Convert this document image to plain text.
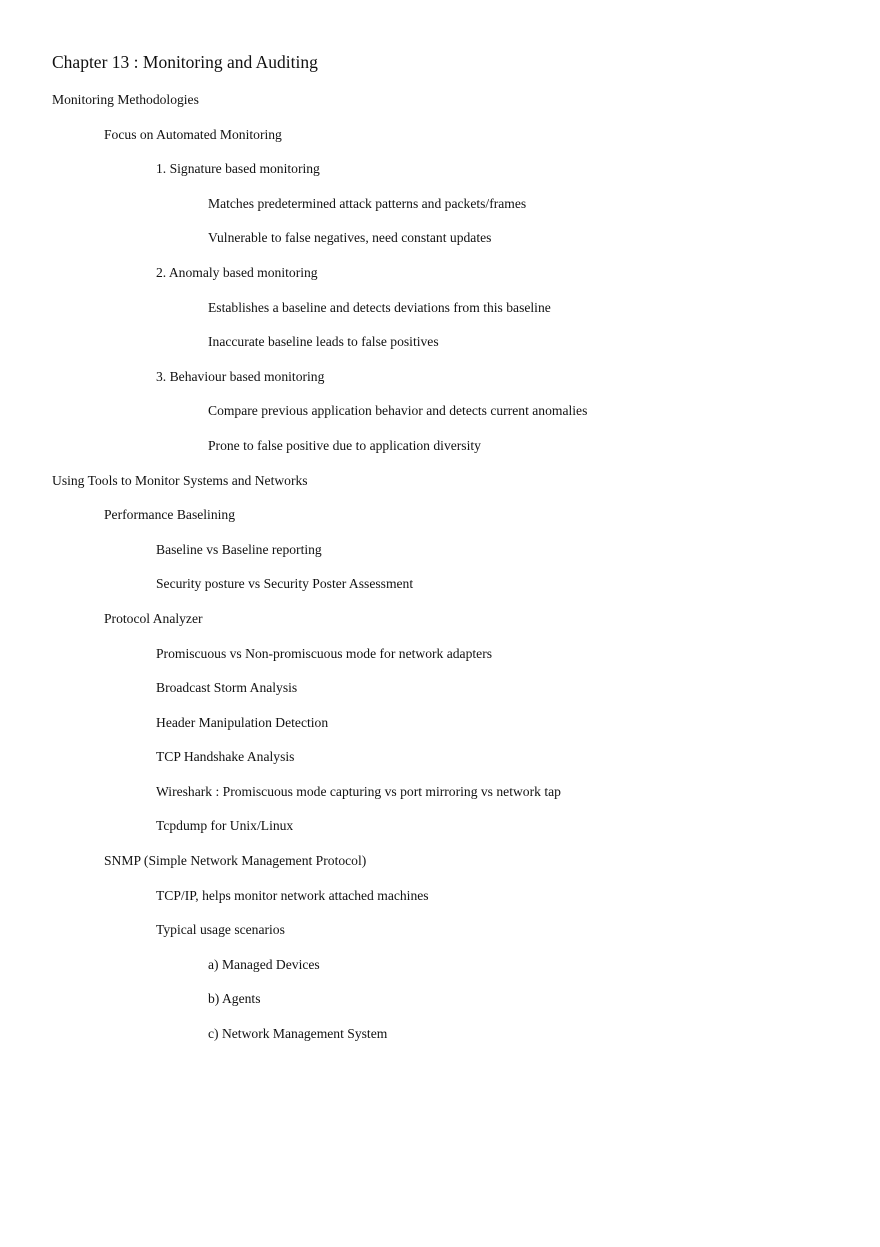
Chapter 13 : Monitoring and Auditing
Monitoring Methodologies
Focus on Automated Monitoring
1. Signature based monitoring
Matches predetermined attack patterns and packets/frames
Vulnerable to false negatives, need constant updates
2. Anomaly based monitoring
Establishes a baseline and detects deviations from this baseline
Inaccurate baseline leads to false positives
3. Behaviour based monitoring
Compare previous application behavior and detects current anomalies
Prone to false positive due to application diversity
Using Tools to Monitor Systems and Networks
Performance Baselining
Baseline vs Baseline reporting
Security posture vs Security Poster Assessment
Protocol Analyzer
Promiscuous vs Non-promiscuous mode for network adapters
Broadcast Storm Analysis
Header Manipulation Detection
TCP Handshake Analysis
Wireshark : Promiscuous mode capturing vs port mirroring vs network tap
Tcpdump for Unix/Linux
SNMP (Simple Network Management Protocol)
TCP/IP, helps monitor network attached machines
Typical usage scenarios
a) Managed Devices
b) Agents
c) Network Management System
